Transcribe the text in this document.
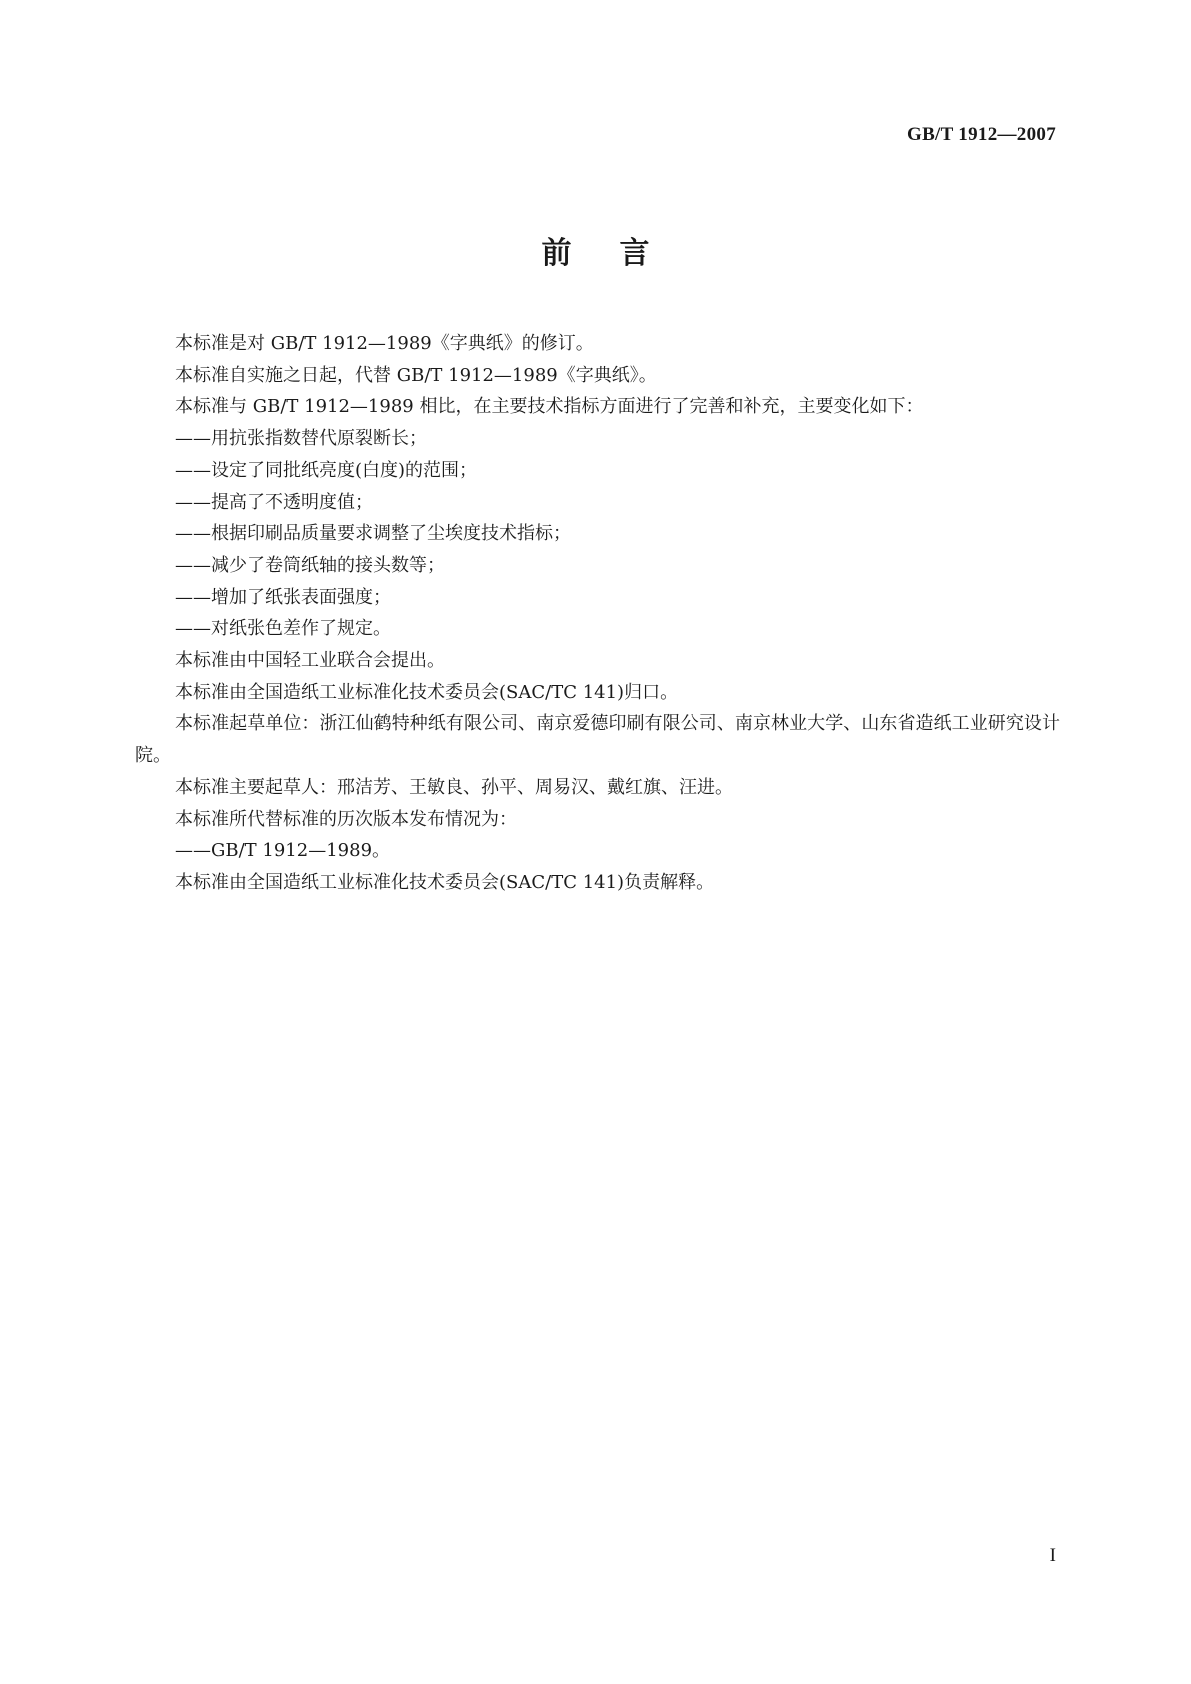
GB/T 1912—2007
前言

本标准是对 GB/T 1912—1989《字典纸》的修订。

本标准自实施之日起，代替 GB/T 1912—1989《字典纸》。

本标准与 GB/T 1912—1989 相比，在主要技术指标方面进行了完善和补充，主要变化如下：

——用抗张指数替代原裂断长；

——设定了同批纸亮度(白度)的范围；

——提高了不透明度值；

——根据印刷品质量要求调整了尘埃度技术指标；

——减少了卷筒纸轴的接头数等；

——增加了纸张表面强度；

——对纸张色差作了规定。

本标准由中国轻工业联合会提出。

本标准由全国造纸工业标准化技术委员会(SAC/TC 141)归口。

本标准起草单位：浙江仙鹤特种纸有限公司、南京爱德印刷有限公司、南京林业大学、山东省造纸工业研究设计院。

本标准主要起草人：邢洁芳、王敏良、孙平、周易汉、戴红旗、汪进。

本标准所代替标准的历次版本发布情况为：

——GB/T 1912—1989。

本标准由全国造纸工业标准化技术委员会(SAC/TC 141)负责解释。

I
